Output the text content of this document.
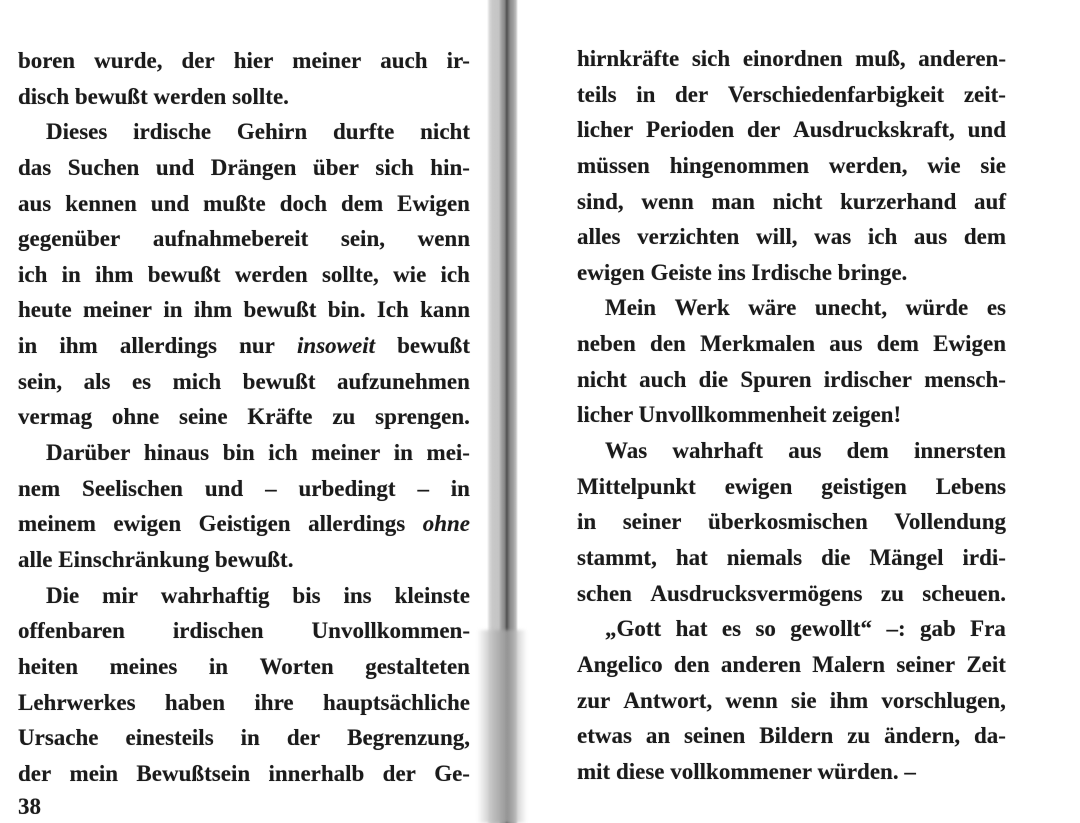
boren wurde, der hier meiner auch ir-
disch bewußt werden sollte.
Dieses irdische Gehirn durfte nicht
das Suchen und Drängen über sich hin-
aus kennen und mußte doch dem Ewigen
gegenüber aufnahmebereit sein, wenn
ich in ihm bewußt werden sollte, wie ich
heute meiner in ihm bewußt bin. Ich kann
in ihm allerdings nur insoweit bewußt
sein, als es mich bewußt aufzunehmen
vermag ohne seine Kräfte zu sprengen.
Darüber hinaus bin ich meiner in mei-
nem Seelischen und – urbedingt – in
meinem ewigen Geistigen allerdings ohne
alle Einschränkung bewußt.
Die mir wahrhaftig bis ins kleinste
offenbaren irdischen Unvollkommen-
heiten meines in Worten gestalteten
Lehrwerkes haben ihre hauptsächliche
Ursache einesteils in der Begrenzung,
der mein Bewußtsein innerhalb der Ge-
hirnkräfte sich einordnen muß, anderen-
teils in der Verschiedenfarbigkeit zeit-
licher Perioden der Ausdruckskraft, und
müssen hingenommen werden, wie sie
sind, wenn man nicht kurzerhand auf
alles verzichten will, was ich aus dem
ewigen Geiste ins Irdische bringe.
Mein Werk wäre unecht, würde es
neben den Merkmalen aus dem Ewigen
nicht auch die Spuren irdischer mensch-
licher Unvollkommenheit zeigen!
Was wahrhaft aus dem innersten
Mittelpunkt ewigen geistigen Lebens
in seiner überkosmischen Vollendung
stammt, hat niemals die Mängel irdi-
schen Ausdrucksvermögens zu scheuen.
„Gott hat es so gewollt“ –: gab Fra
Angelico den anderen Malern seiner Zeit
zur Antwort, wenn sie ihm vorschlugen,
etwas an seinen Bildern zu ändern, da-
mit diese vollkommener würden. –
38
